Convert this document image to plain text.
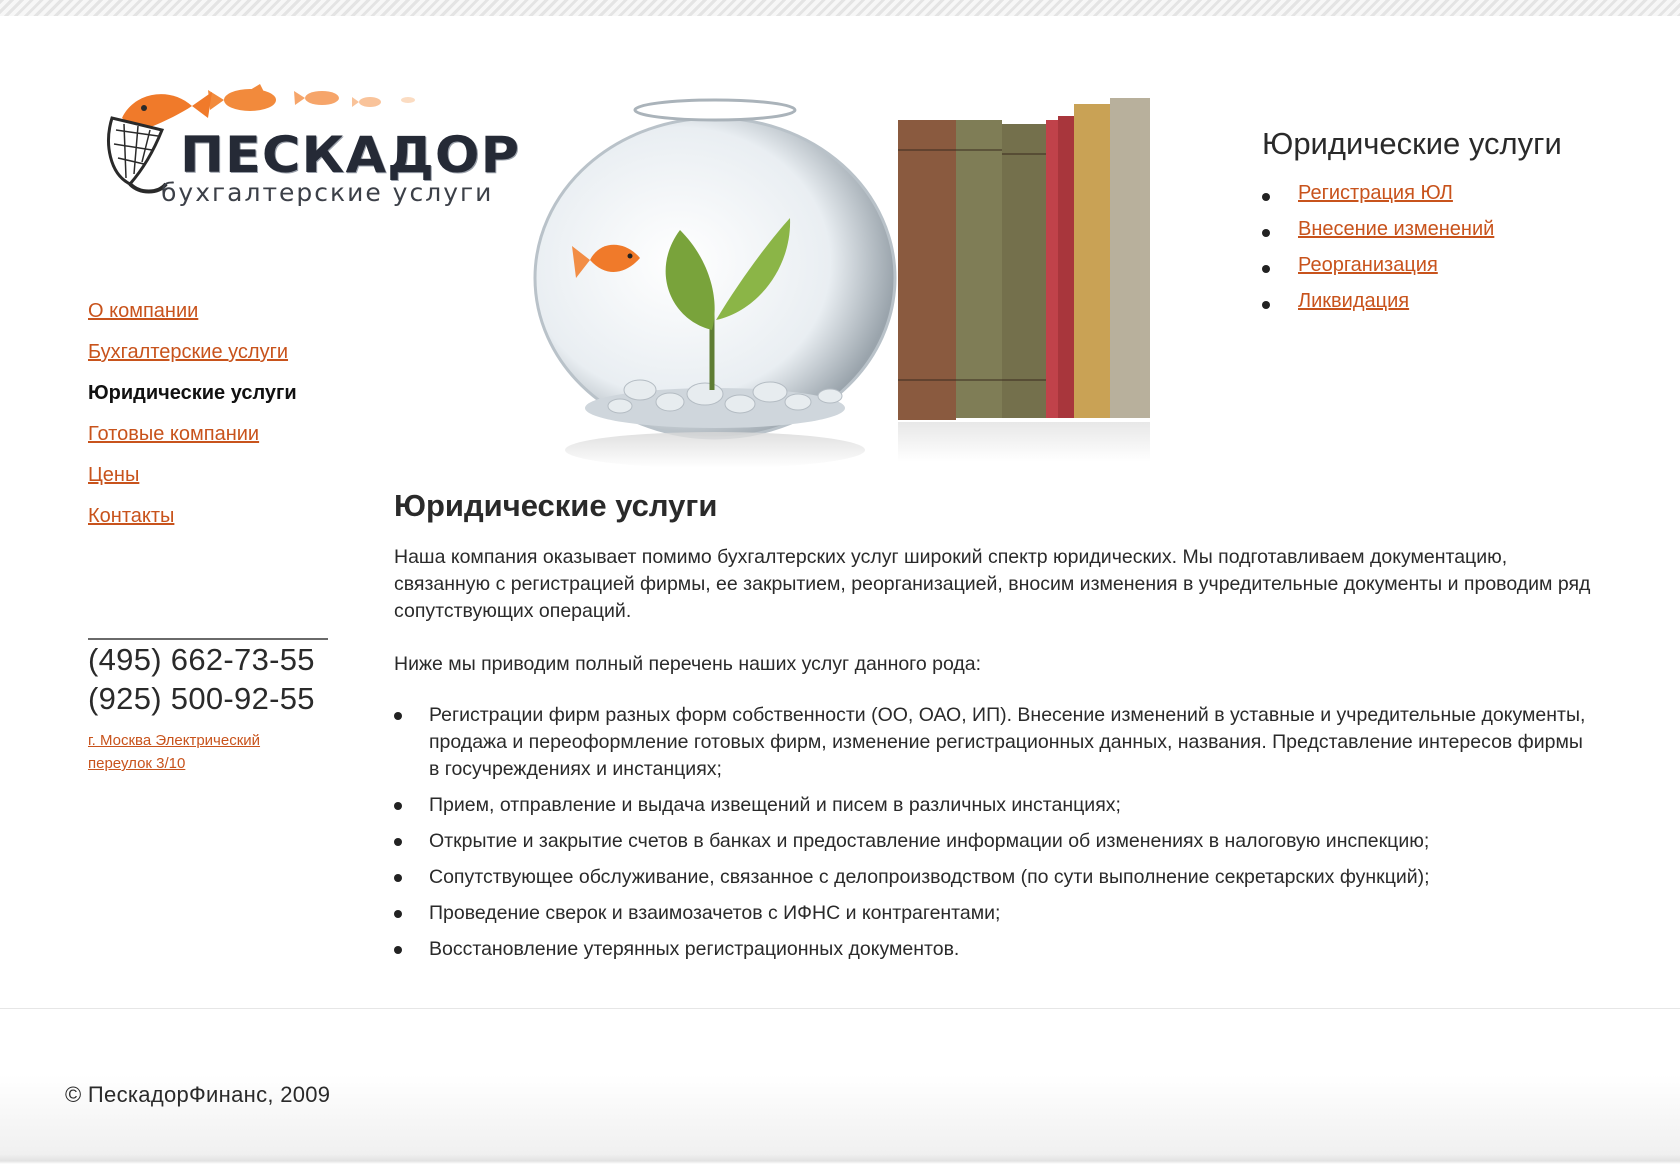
ПЕСКАДОР
бухгалтерские услуги
О компании
Бухгалтерские услуги
Юридические услуги
Готовые компании
Цены
Контакты
(495) 662-73-55
(925) 500-92-55
г. Москва Электрический переулок 3/10
Юридические услуги
Регистрация ЮЛ
Внесение изменений
Реорганизация
Ликвидация
Юридические услуги

Наша компания оказывает помимо бухгалтерских услуг широкий спектр юридических. Мы подготавливаем документацию, связанную с регистрацией фирмы, ее закрытием, реорганизацией, вносим изменения в учредительные документы и проводим ряд сопутствующих операций.

Ниже мы приводим полный перечень наших услуг данного рода:

Регистрации фирм разных форм собственности (ОО, ОАО, ИП). Внесение изменений в уставные и учредительные документы, продажа и переоформление готовых фирм, изменение регистрационных данных, названия. Представление интересов фирмы в госучреждениях и инстанциях;
Прием, отправление и выдача извещений и писем в различных инстанциях;
Открытие и закрытие счетов в банках и предоставление информации об изменениях в налоговую инспекцию;
Сопутствующее обслуживание, связанное с делопроизводством (по сути выполнение секретарских функций);
Проведение сверок и взаимозачетов с ИФНС и контрагентами;
Восстановление утерянных регистрационных документов.
© ПескадорФинанс, 2009
